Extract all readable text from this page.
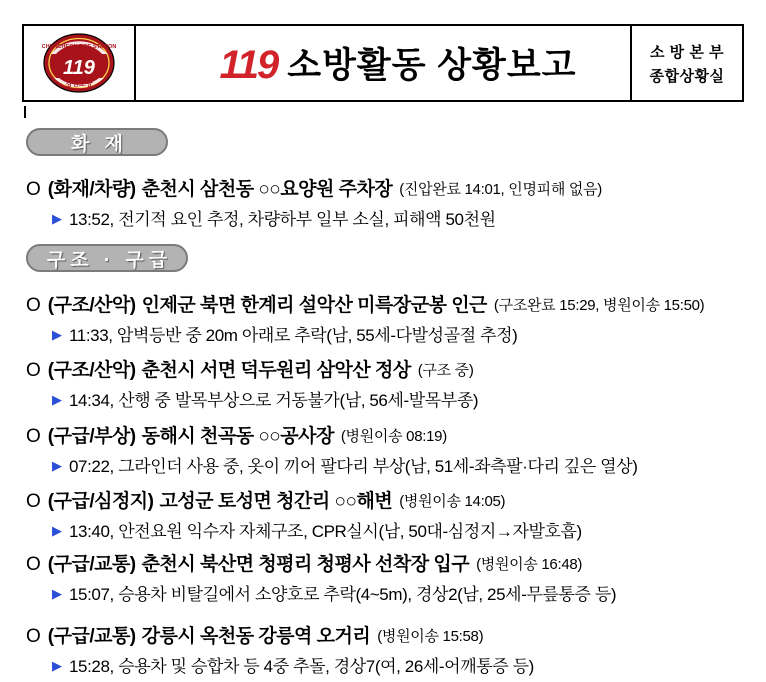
CHUNCHEON FIRE STATION
119
강원소방	119 소방활동 상황보고	소 방 본 부
종합상황실
화 재
구조 · 구급
O (화재/차량) 춘천시 삼천동 ○○요양원 주차장 (진압완료 14:01, 인명피해 없음)
▶ 13:52, 전기적 요인 추정, 차량하부 일부 소실, 피해액 50천원
O (구조/산악) 인제군 북면 한계리 설악산 미륵장군봉 인근 (구조완료 15:29, 병원이송 15:50)
▶ 11:33, 암벽등반 중 20m 아래로 추락(남, 55세-다발성골절 추정)
O (구조/산악) 춘천시 서면 덕두원리 삼악산 정상 (구조 중)
▶ 14:34, 산행 중 발목부상으로 거동불가(남, 56세-발목부종)
O (구급/부상) 동해시 천곡동 ○○공사장 (병원이송 08:19)
▶ 07:22, 그라인더 사용 중, 옷이 끼어 팔다리 부상(남, 51세-좌측팔·다리 깊은 열상)
O (구급/심정지) 고성군 토성면 청간리 ○○해변 (병원이송 14:05)
▶ 13:40, 안전요원 익수자 자체구조, CPR실시(남, 50대-심정지→자발호흡)
O (구급/교통) 춘천시 북산면 청평리 청평사 선착장 입구 (병원이송 16:48)
▶ 15:07, 승용차 비탈길에서 소양호로 추락(4~5m), 경상2(남, 25세-무릎통증 등)
O (구급/교통) 강릉시 옥천동 강릉역 오거리 (병원이송 15:58)
▶ 15:28, 승용차 및 승합차 등 4중 추돌, 경상7(여, 26세-어깨통증 등)
